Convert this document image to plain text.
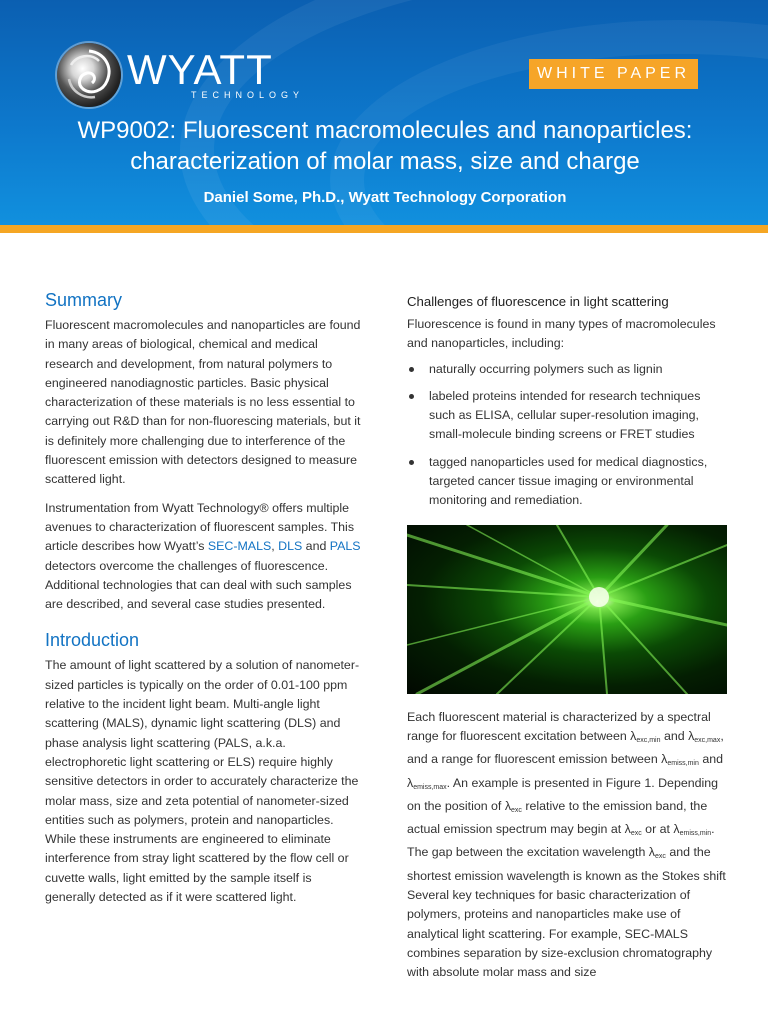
WYATT
TECHNOLOGY
WHITE PAPER
WP9002: Fluorescent macromolecules and nanoparticles:
characterization of molar mass, size and charge
Daniel Some, Ph.D., Wyatt Technology Corporation
Summary

Fluorescent macromolecules and nanoparticles are found in many areas of biological, chemical and medical research and development, from natural polymers to engineered nanodiagnostic particles. Basic physical characterization of these materials is no less essential to carrying out R&D than for non-fluorescing materials, but it is definitely more challenging due to interference of the fluorescent emission with detectors designed to measure scattered light.

Instrumentation from Wyatt Technology® offers multiple avenues to characterization of fluorescent samples. This article describes how Wyatt’s SEC-MALS, DLS and PALS detectors overcome the challenges of fluorescence. Additional technologies that can deal with such samples are described, and several case studies presented.

Introduction

The amount of light scattered by a solution of nanometer-sized particles is typically on the order of 0.01-100 ppm relative to the incident light beam. Multi-angle light scattering (MALS), dynamic light scattering (DLS) and phase analysis light scattering (PALS, a.k.a. electrophoretic light scattering or ELS) require highly sensitive detectors in order to accurately characterize the molar mass, size and zeta potential of nanometer-sized entities such as polymers, protein and nanoparticles. While these instruments are engineered to eliminate interference from stray light scattered by the flow cell or cuvette walls, light emitted by the sample itself is generally detected as if it were scattered light.

Challenges of fluorescence in light scattering

Fluorescence is found in many types of macromolecules and nanoparticles, including:

naturally occurring polymers such as lignin
labeled proteins intended for research techniques such as ELISA, cellular super-resolution imaging, small-molecule binding screens or FRET studies
tagged nanoparticles used for medical diagnostics, targeted cancer tissue imaging or environmental monitoring and remediation.

Each fluorescent material is characterized by a spectral range for fluorescent excitation between $\lambda_{exc,min}$ and $\lambda_{exc,max}$, and a range for fluorescent emission between $\lambda_{emiss,min}$ and $\lambda_{emiss,max}$. An example is presented in Figure 1. Depending on the position of $\lambda_{exc}$ relative to the emission band, the actual emission spectrum may begin at $\lambda_{exc}$ or at $\lambda_{emiss,min}$. The gap between the excitation wavelength $\lambda_{exc}$ and the shortest emission wavelength is known as the Stokes shift Several key techniques for basic characterization of polymers, proteins and nanoparticles make use of analytical light scattering. For example, SEC-MALS combines separation by size-exclusion chromatography with absolute molar mass and size
